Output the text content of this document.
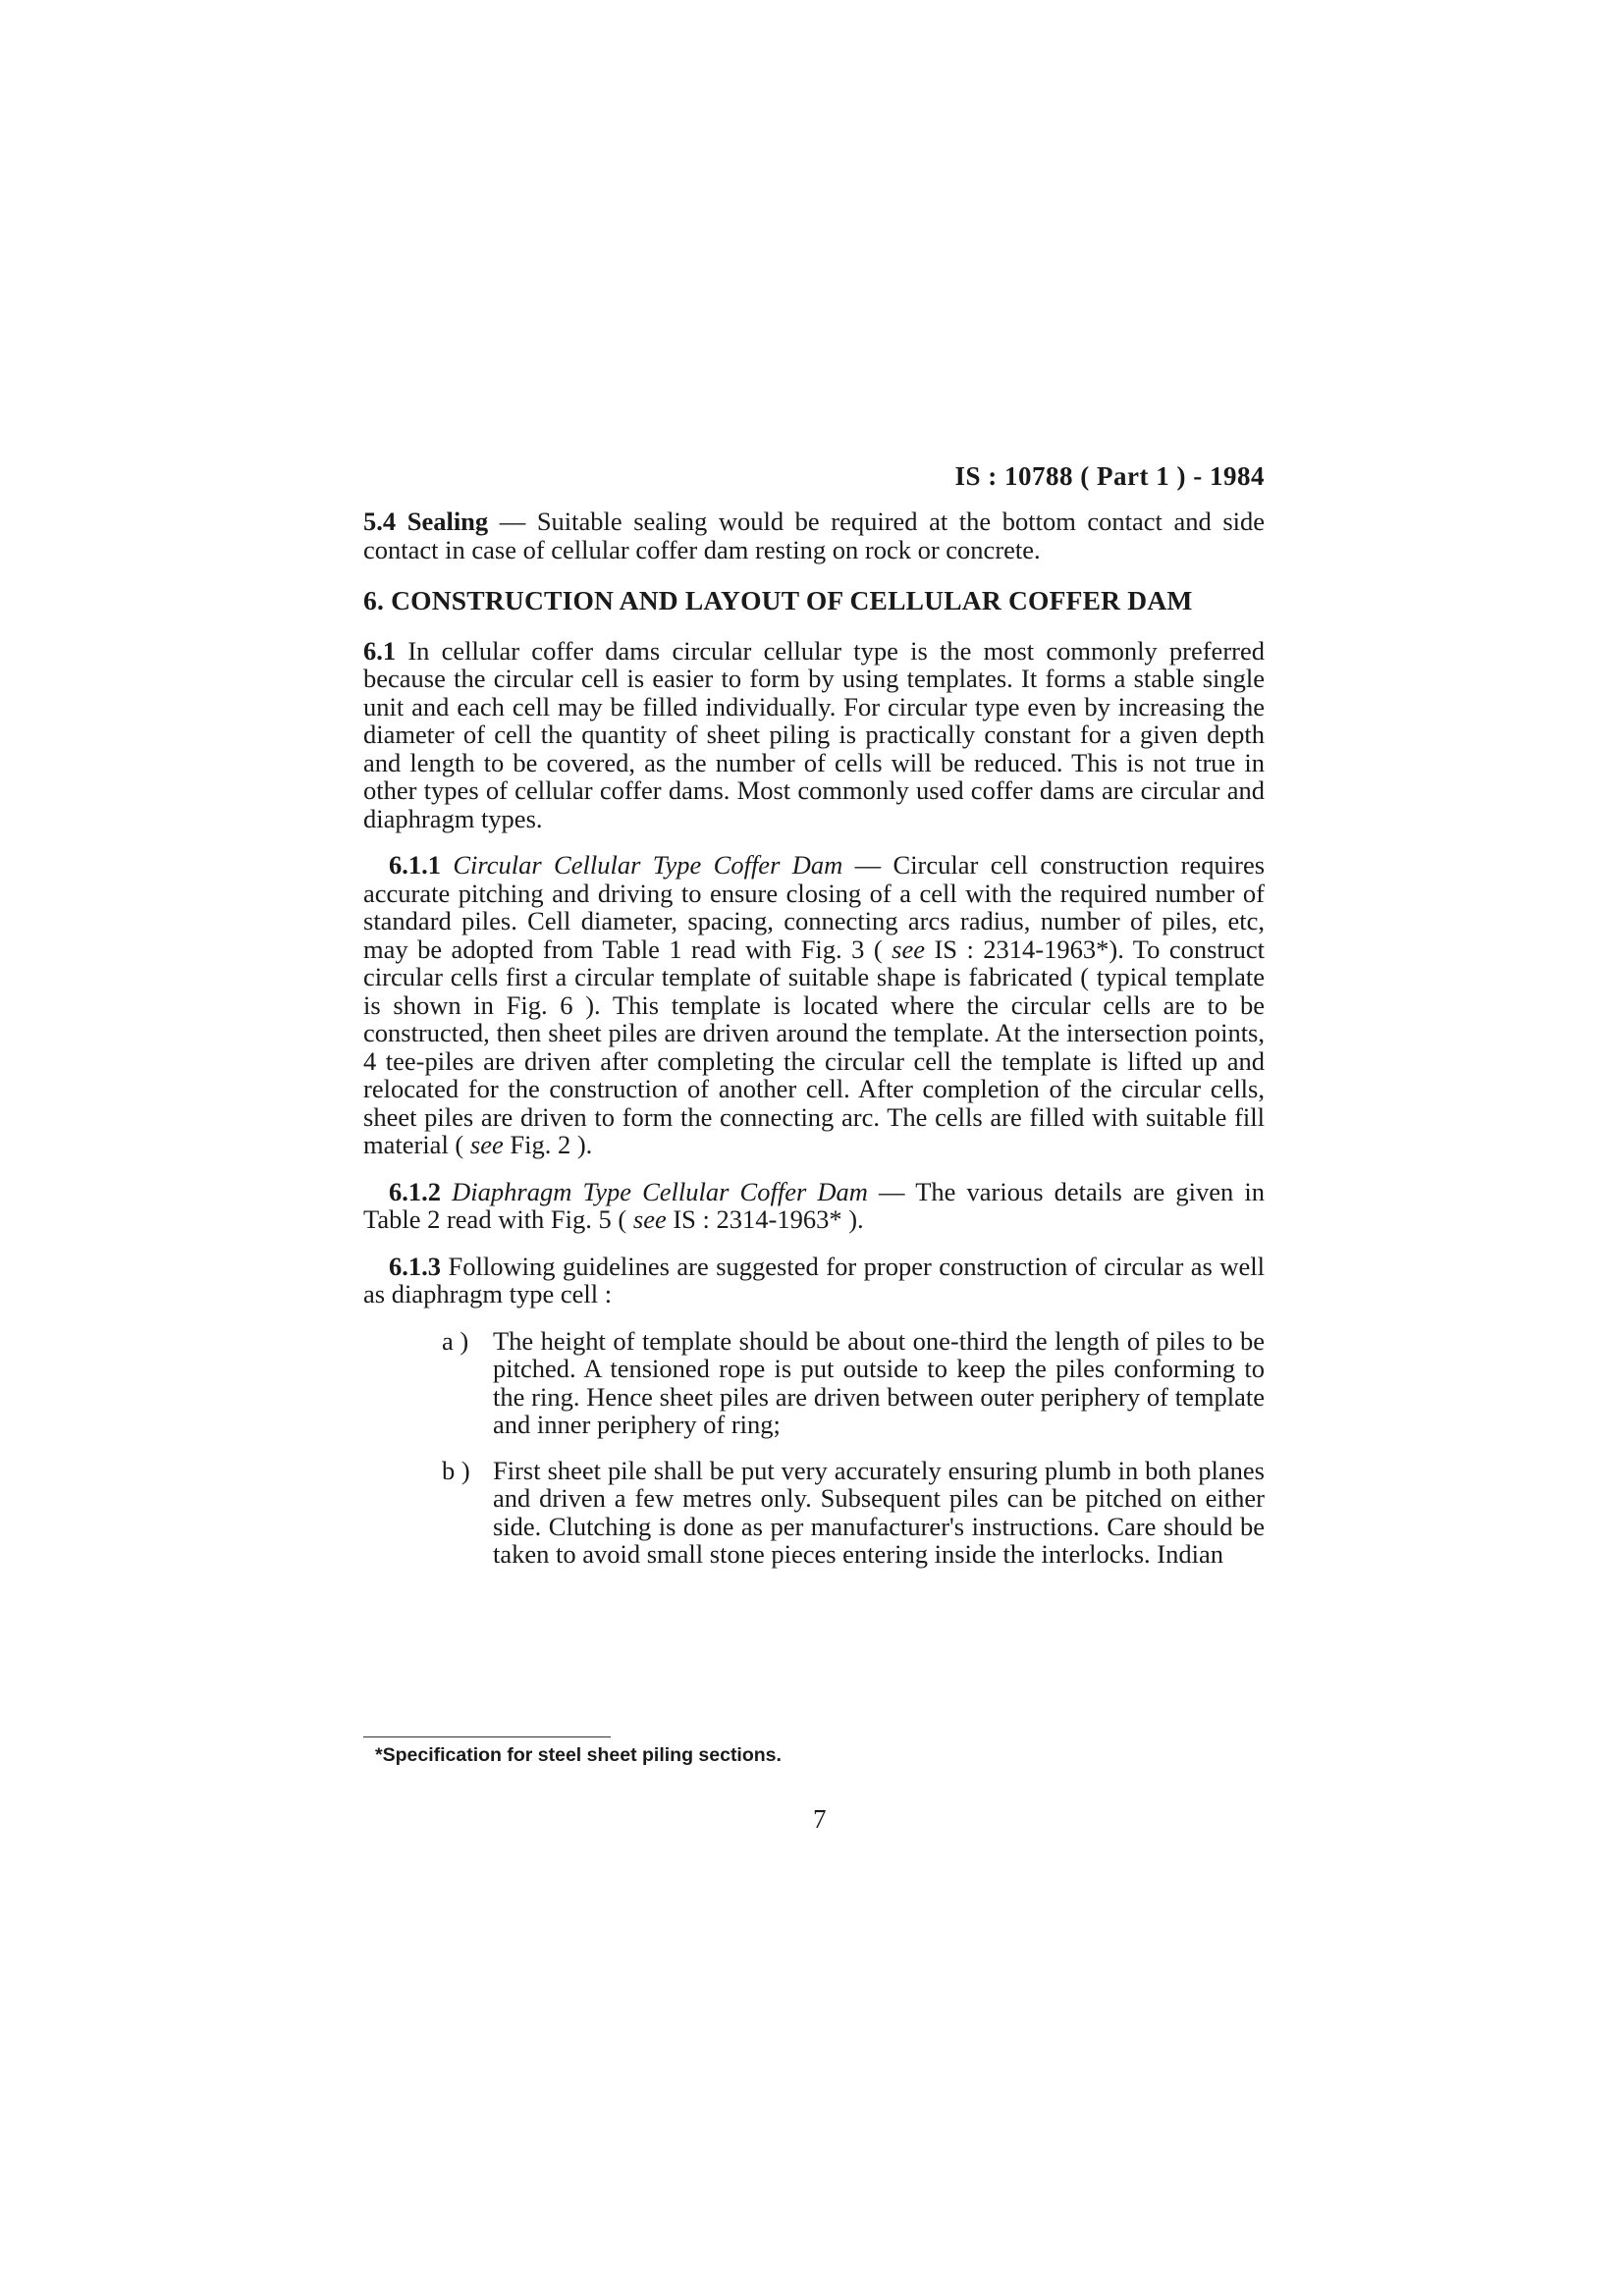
IS : 10788 ( Part 1 ) - 1984

5.4 Sealing — Suitable sealing would be required at the bottom contact and side contact in case of cellular coffer dam resting on rock or concrete.

6. CONSTRUCTION AND LAYOUT OF CELLULAR COFFER DAM

6.1 In cellular coffer dams circular cellular type is the most commonly preferred because the circular cell is easier to form by using templates. It forms a stable single unit and each cell may be filled individually. For circular type even by increasing the diameter of cell the quantity of sheet piling is practically constant for a given depth and length to be covered, as the number of cells will be reduced. This is not true in other types of cellular coffer dams. Most commonly used coffer dams are circular and diaphragm types.

6.1.1 Circular Cellular Type Coffer Dam — Circular cell construction requires accurate pitching and driving to ensure closing of a cell with the required number of standard piles. Cell diameter, spacing, connecting arcs radius, number of piles, etc, may be adopted from Table 1 read with Fig. 3 ( see IS : 2314-1963*). To construct circular cells first a circular template of suitable shape is fabricated ( typical template is shown in Fig. 6 ). This template is located where the circular cells are to be constructed, then sheet piles are driven around the template. At the intersection points, 4 tee-piles are driven after completing the circular cell the template is lifted up and relocated for the construction of another cell. After completion of the circular cells, sheet piles are driven to form the connecting arc. The cells are filled with suitable fill material ( see Fig. 2 ).

6.1.2 Diaphragm Type Cellular Coffer Dam — The various details are given in Table 2 read with Fig. 5 ( see IS : 2314-1963* ).

6.1.3 Following guidelines are suggested for proper construction of circular as well as diaphragm type cell :

a ) The height of template should be about one-third the length of piles to be pitched. A tensioned rope is put outside to keep the piles conforming to the ring. Hence sheet piles are driven between outer periphery of template and inner periphery of ring;
b ) First sheet pile shall be put very accurately ensuring plumb in both planes and driven a few metres only. Subsequent piles can be pitched on either side. Clutching is done as per manufacturer's instructions. Care should be taken to avoid small stone pieces entering inside the interlocks. Indian
*Specification for steel sheet piling sections.
7
